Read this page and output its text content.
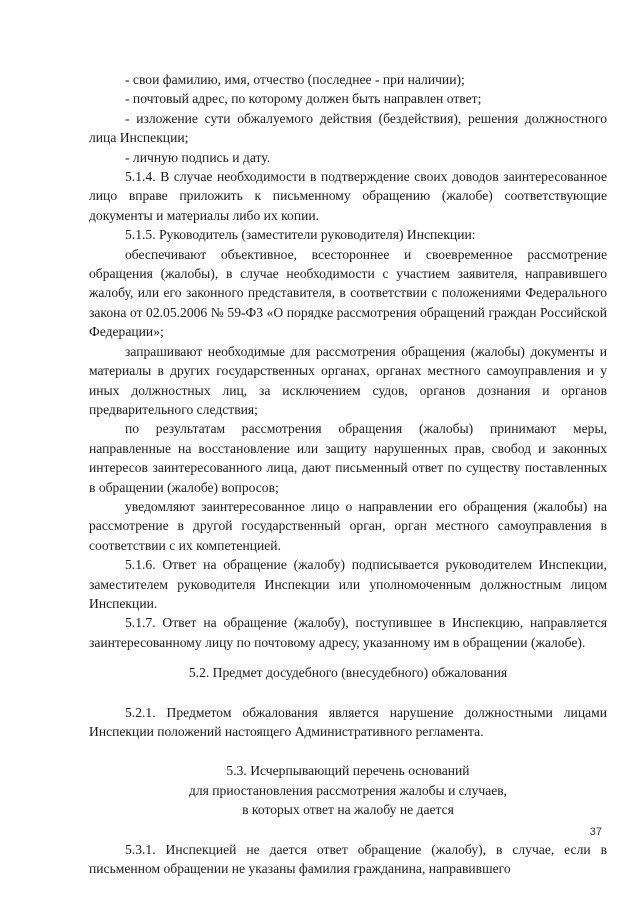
- свои фамилию, имя, отчество (последнее - при наличии);

- почтовый адрес, по которому должен быть направлен ответ;

- изложение сути обжалуемого действия (бездействия), решения должностного лица Инспекции;

- личную подпись и дату.

5.1.4. В случае необходимости в подтверждение своих доводов заинтересованное лицо вправе приложить к письменному обращению (жалобе) соответствующие документы и материалы либо их копии.

5.1.5. Руководитель (заместители руководителя) Инспекции:

обеспечивают объективное, всестороннее и своевременное рассмотрение обращения (жалобы), в случае необходимости с участием заявителя, направившего жалобу, или его законного представителя, в соответствии с положениями Федерального закона от 02.05.2006 № 59-ФЗ «О порядке рассмотрения обращений граждан Российской Федерации»;

запрашивают необходимые для рассмотрения обращения (жалобы) документы и материалы в других государственных органах, органах местного самоуправления и у иных должностных лиц, за исключением судов, органов дознания и органов предварительного следствия;

по результатам рассмотрения обращения (жалобы) принимают меры, направленные на восстановление или защиту нарушенных прав, свобод и законных интересов заинтересованного лица, дают письменный ответ по существу поставленных в обращении (жалобе) вопросов;

уведомляют заинтересованное лицо о направлении его обращения (жалобы) на рассмотрение в другой государственный орган, орган местного самоуправления в соответствии с их компетенцией.

5.1.6. Ответ на обращение (жалобу) подписывается руководителем Инспекции, заместителем руководителя Инспекции или уполномоченным должностным лицом Инспекции.

5.1.7. Ответ на обращение (жалобу), поступившее в Инспекцию, направляется заинтересованному лицу по почтовому адресу, указанному им в обращении (жалобе).

5.2. Предмет досудебного (внесудебного) обжалования

5.2.1. Предметом обжалования является нарушение должностными лицами Инспекции положений настоящего Административного регламента.

5.3. Исчерпывающий перечень оснований

для приостановления рассмотрения жалобы и случаев,

в которых ответ на жалобу не дается

5.3.1. Инспекцией не дается ответ обращение (жалобу), в случае, если в письменном обращении не указаны фамилия гражданина, направившего

37
